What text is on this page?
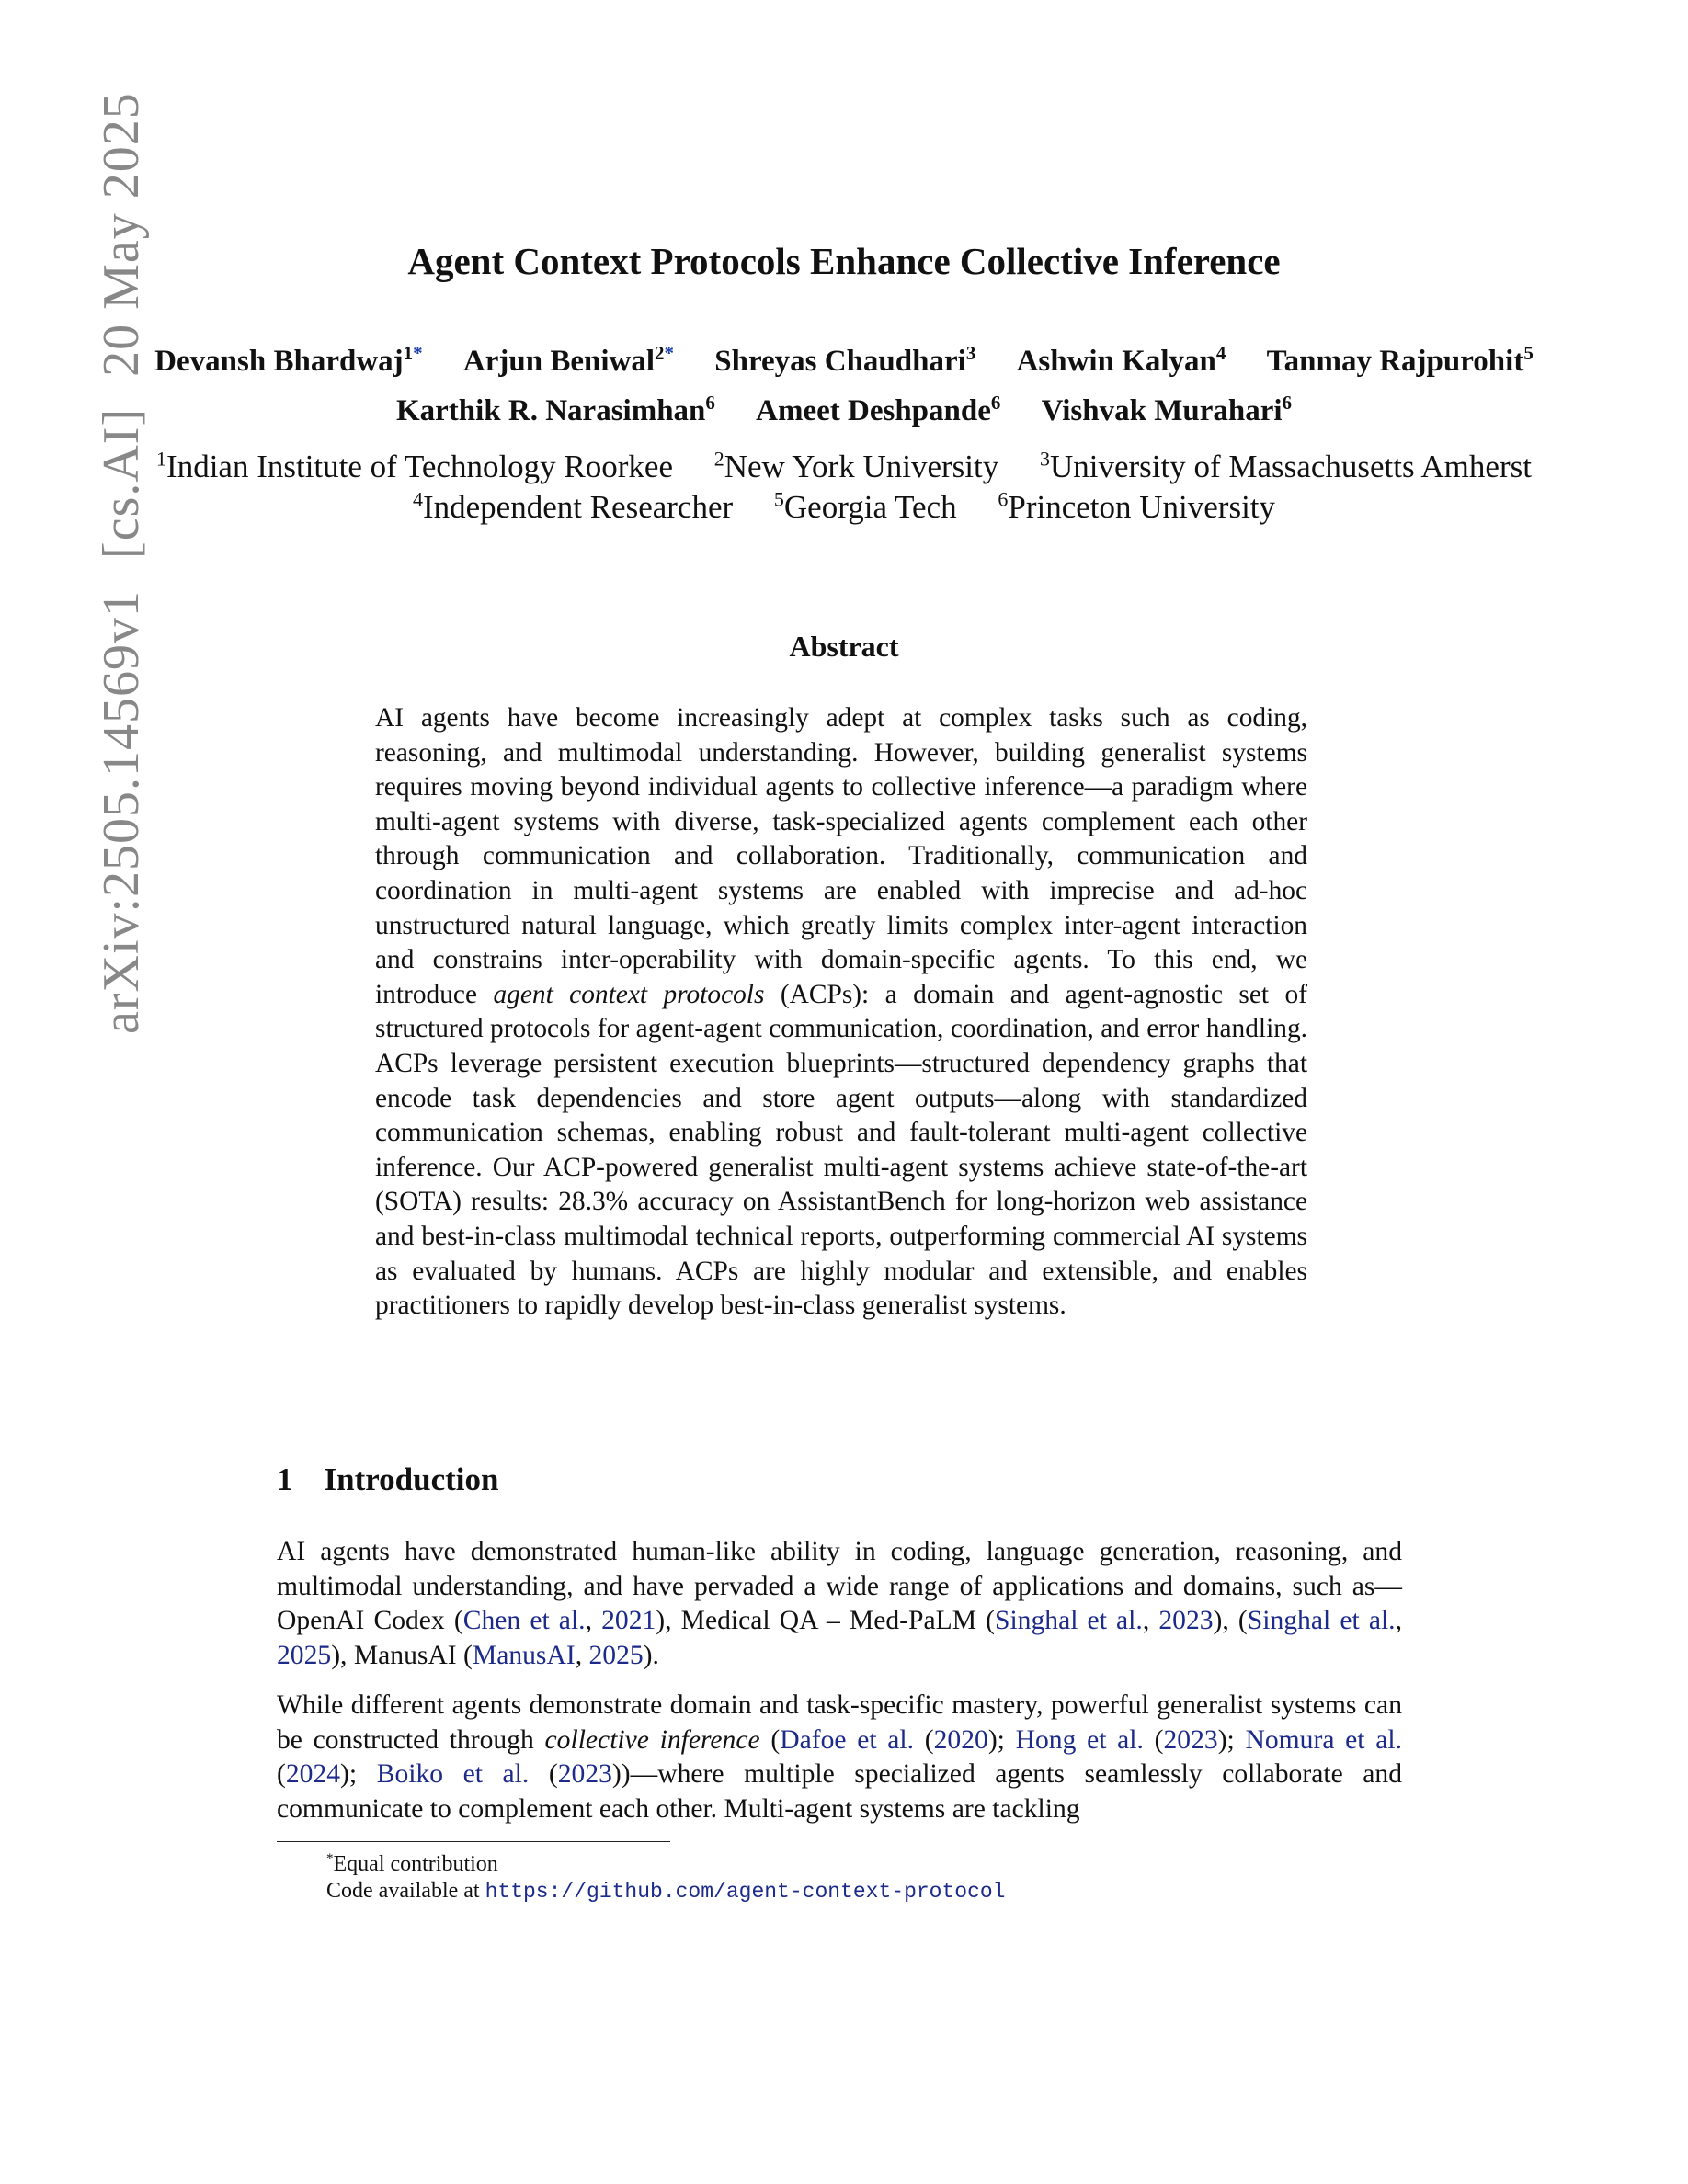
arXiv:2505.14569v1[cs.AI]20 May 2025	Agent Context Protocols Enhance Collective Inference
Devansh Bhardwaj$^{1*}$ Arjun Beniwal$^{2*}$ Shreyas Chaudhari$^3$ Ashwin Kalyan$^4$ Tanmay Rajpurohit$^5$
Karthik R. Narasimhan$^6$ Ameet Deshpande$^6$ Vishvak Murahari$^6$
$^1$Indian Institute of Technology Roorkee $^2$New York University $^3$University of Massachusetts Amherst
$^4$Independent Researcher $^5$Georgia Tech $^6$Princeton University
Abstract
AI agents have become increasingly adept at complex tasks such as coding, reasoning, and multimodal understanding. However, building generalist systems requires moving beyond individual agents to collective inference—a paradigm where multi-agent systems with diverse, task-specialized agents complement each other through communication and collaboration. Traditionally, communication and coordination in multi-agent systems are enabled with imprecise and ad-hoc unstructured natural language, which greatly limits complex inter-agent interaction and constrains inter-operability with domain-specific agents. To this end, we introduce agent context protocols (ACPs): a domain and agent-agnostic set of structured protocols for agent-agent communication, coordination, and error handling. ACPs leverage persistent execution blueprints—structured dependency graphs that encode task dependencies and store agent outputs—along with standardized communication schemas, enabling robust and fault-tolerant multi-agent collective inference. Our ACP-powered generalist multi-agent systems achieve state-of-the-art (SOTA) results: 28.3% accuracy on AssistantBench for long-horizon web assistance and best-in-class multimodal technical reports, outperforming commercial AI systems as evaluated by humans. ACPs are highly modular and extensible, and enables practitioners to rapidly develop best-in-class generalist systems.
1 Introduction
AI agents have demonstrated human-like ability in coding, language generation, reasoning, and multimodal understanding, and have pervaded a wide range of applications and domains, such as—OpenAI Codex (Chen et al., 2021), Medical QA – Med-PaLM (Singhal et al., 2023), (Singhal et al., 2025), ManusAI (ManusAI, 2025).
While different agents demonstrate domain and task-specific mastery, powerful generalist systems can be constructed through collective inference (Dafoe et al. (2020); Hong et al. (2023); Nomura et al. (2024); Boiko et al. (2023))—where multiple specialized agents seamlessly collaborate and communicate to complement each other. Multi-agent systems are tackling
*Equal contribution
Code available at https://github.com/agent-context-protocol
